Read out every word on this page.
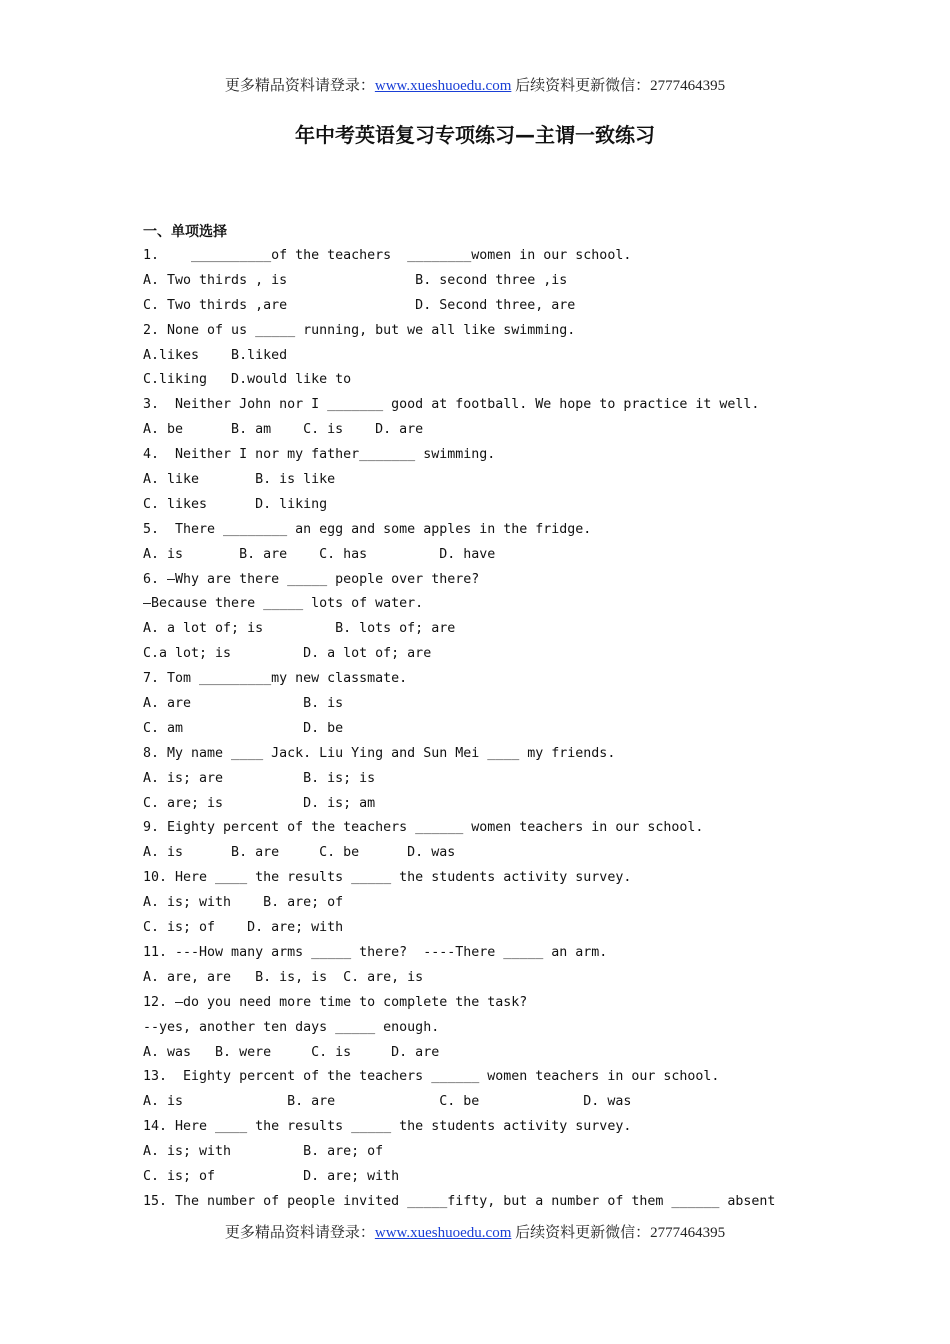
更多精品资料请登录：www.xueshuoedu.com 后续资料更新微信：2777464395
年中考英语复习专项练习—主谓一致练习
一、单项选择
1.    __________of the teachers  ________women in our school.
A. Two thirds , is                B. second three ,is
C. Two thirds ,are                D. Second three, are
2. None of us _____ running, but we all like swimming.
A.likes    B.liked
C.liking   D.would like to
3.  Neither John nor I _______ good at football. We hope to practice it well.
A. be      B. am    C. is    D. are
4.  Neither I nor my father_______ swimming.
A. like       B. is like
C. likes      D. liking
5.  There ________ an egg and some apples in the fridge.
A. is       B. are    C. has         D. have
6. —Why are there _____ people over there?
—Because there _____ lots of water.
A. a lot of; is         B. lots of; are
C.a lot; is         D. a lot of; are
7. Tom _________my new classmate.
A. are              B. is
C. am               D. be
8. My name ____ Jack. Liu Ying and Sun Mei ____ my friends.
A. is; are          B. is; is
C. are; is          D. is; am
9. Eighty percent of the teachers ______ women teachers in our school.
A. is      B. are     C. be      D. was
10. Here ____ the results _____ the students activity survey.
A. is; with    B. are; of
C. is; of    D. are; with
11. ---How many arms _____ there?  ----There _____ an arm.
A. are, are   B. is, is  C. are, is
12. —do you need more time to complete the task?
--yes, another ten days _____ enough.
A. was   B. were     C. is     D. are
13.  Eighty percent of the teachers ______ women teachers in our school.
A. is             B. are             C. be             D. was
14. Here ____ the results _____ the students activity survey.
A. is; with         B. are; of
C. is; of           D. are; with
15. The number of people invited _____fifty, but a number of them ______ absent
更多精品资料请登录：www.xueshuoedu.com 后续资料更新微信：2777464395
